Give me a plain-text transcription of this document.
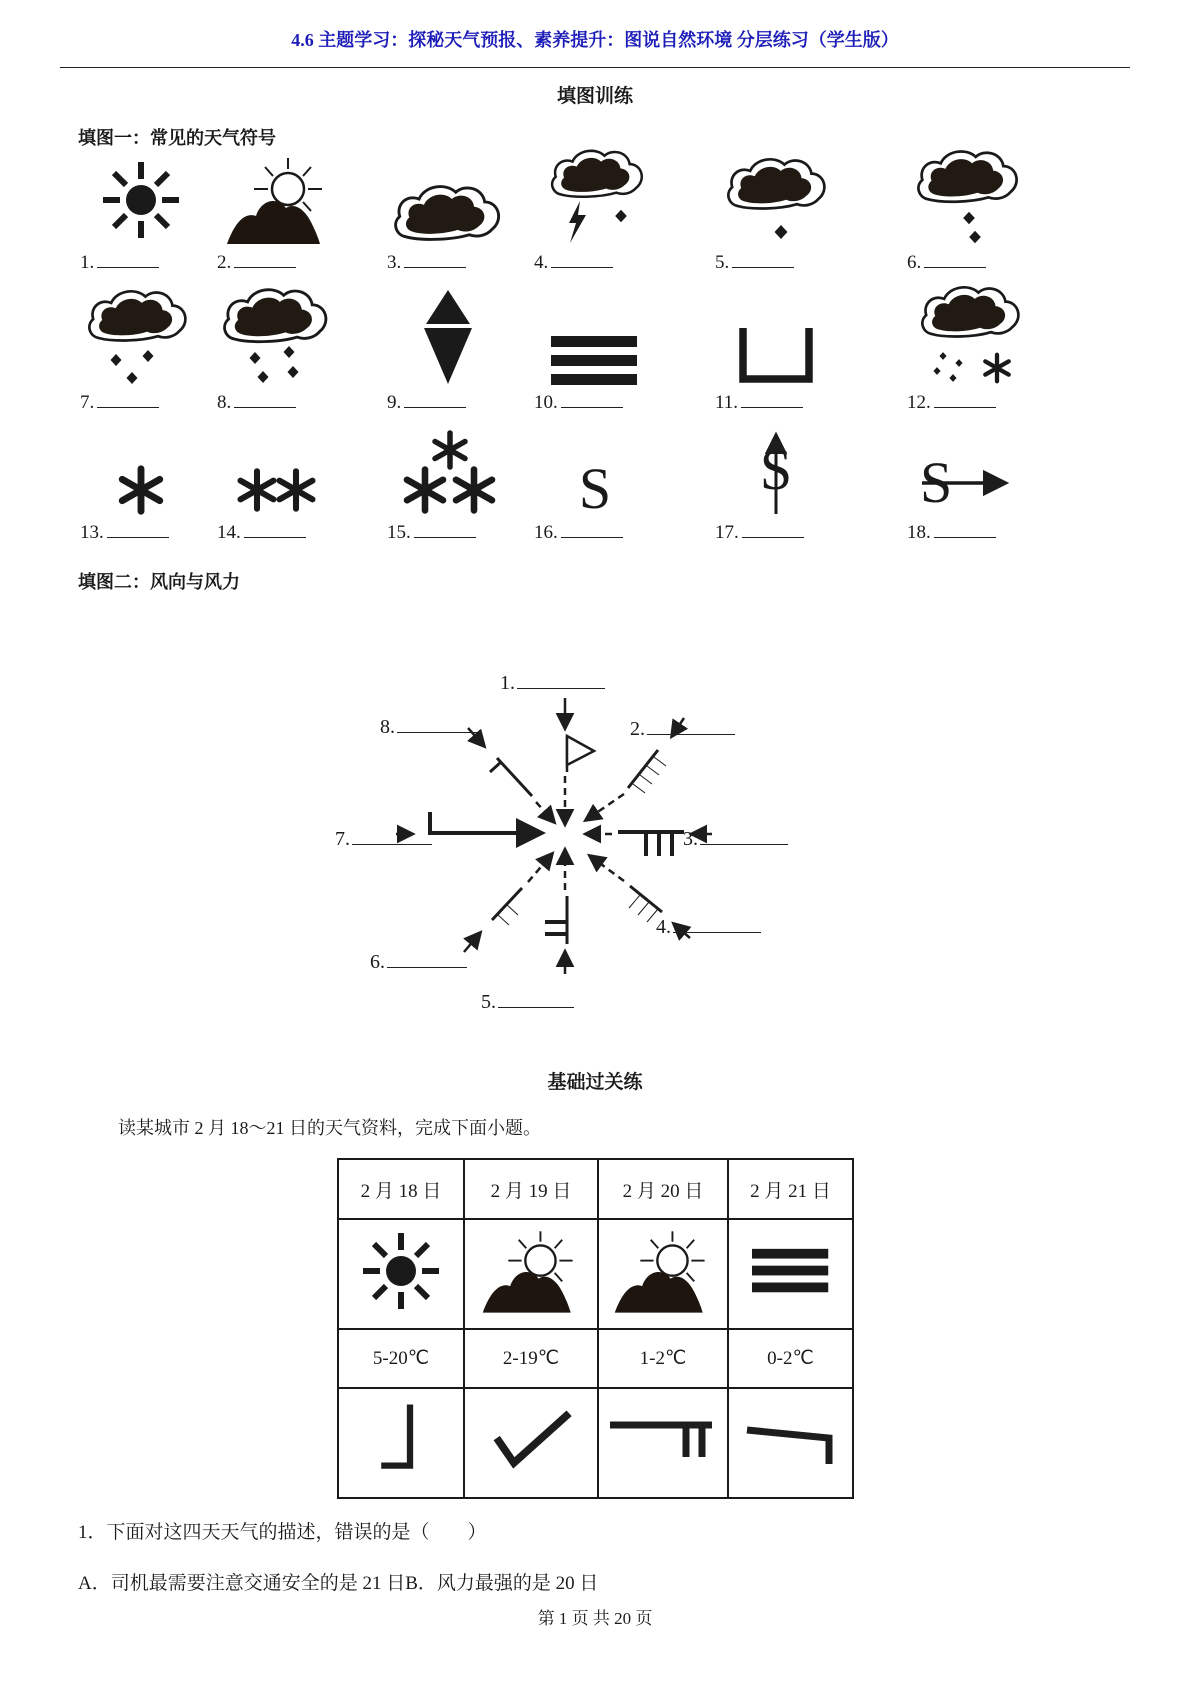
4.6 主题学习：探秘天气预报、素养提升：图说自然环境 分层练习（学生版）
填图训练
填图一：常见的天气符号
1.	2.	3.	4.	5.	6.
7.	8.	9.	10.	11.	12.
S	S S
13.	14.	15.	16.	17.	18.
填图二：风向与风力
1.
2.
3.
4.
5.
6.
7.
8.
基础过关练
读某城市 2 月 18～21 日的天气资料，完成下面小题。
2 月 18 日	2 月 19 日	2 月 20 日	2 月 21 日

5-20℃	2-19℃	1-2℃	0-2℃

1．下面对这四天天气的描述，错误的是（　　）
A．司机最需要注意交通安全的是 21 日B．风力最强的是 20 日
第 1 页 共 20 页
